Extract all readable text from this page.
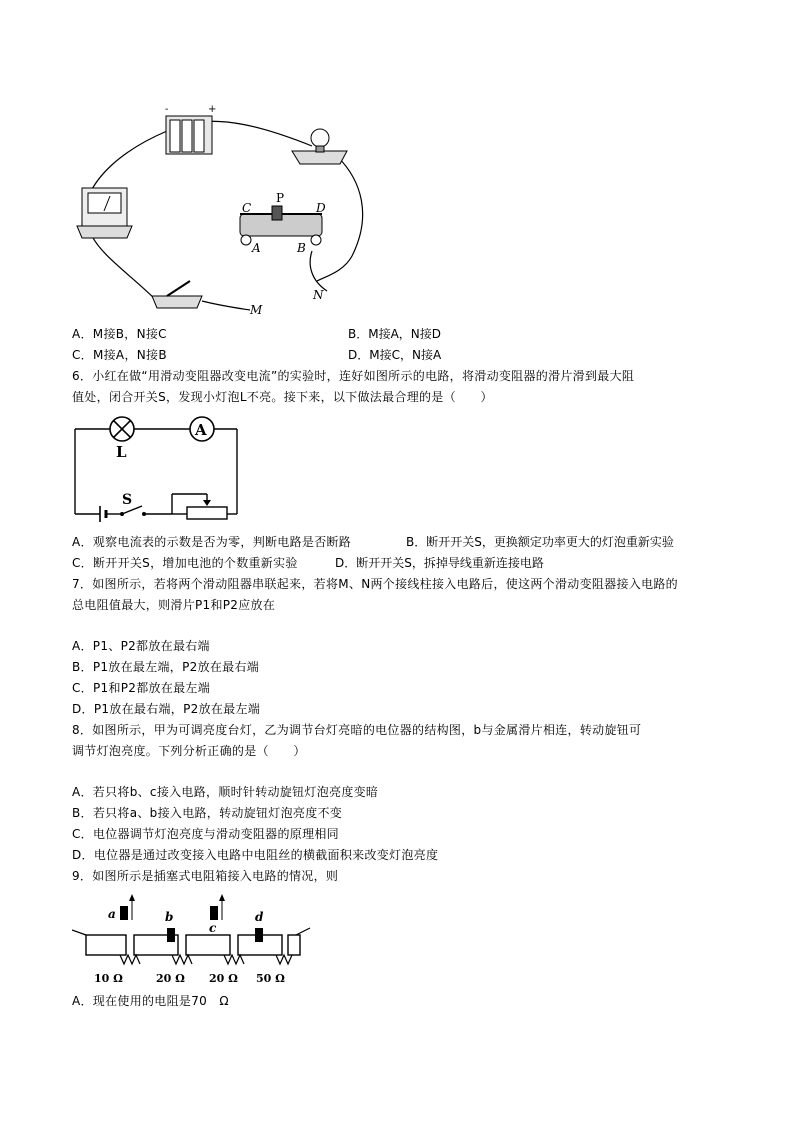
-	+
C
P
D
A	B
M
N
A．M接B，N接C	B．M接A，N接D
C．M接A，N接B	D．M接C，N接A
6．小红在做“用滑动变阻器改变电流”的实验时，连好如图所示的电路，将滑动变阻器的滑片滑到最大阻
值处，闭合开关S，发现小灯泡L不亮。接下来，以下做法最合理的是（　　）
L
A
S
A．观察电流表的示数是否为零，判断电路是否断路	B．断开开关S，更换额定功率更大的灯泡重新实验
C．断开开关S，增加电池的个数重新实验	D．断开开关S，拆掉导线重新连接电路
7．如图所示，若将两个滑动阻器串联起来，若将M、N两个接线柱接入电路后，使这两个滑动变阻器接入电路的
总电阻值最大，则滑片P1和P2应放在
A．P1、P2都放在最右端
B．P1放在最左端，P2放在最右端
C．P1和P2都放在最左端
D．P1放在最右端，P2放在最左端
8．如图所示，甲为可调亮度台灯，乙为调节台灯亮暗的电位器的结构图，b与金属滑片相连，转动旋钮可
调节灯泡亮度。下列分析正确的是（　　）
A．若只将b、c接入电路，顺时针转动旋钮灯泡亮度变暗
B．若只将a、b接入电路，转动旋钮灯泡亮度不变
C．电位器调节灯泡亮度与滑动变阻器的原理相同
D．电位器是通过改变接入电路中电阻丝的横截面积来改变灯泡亮度
9．如图所示是插塞式电阻箱接入电路的情况，则
a	b
c
d
10 Ω	20 Ω 20 Ω 50 Ω
A．现在使用的电阻是70　Ω
